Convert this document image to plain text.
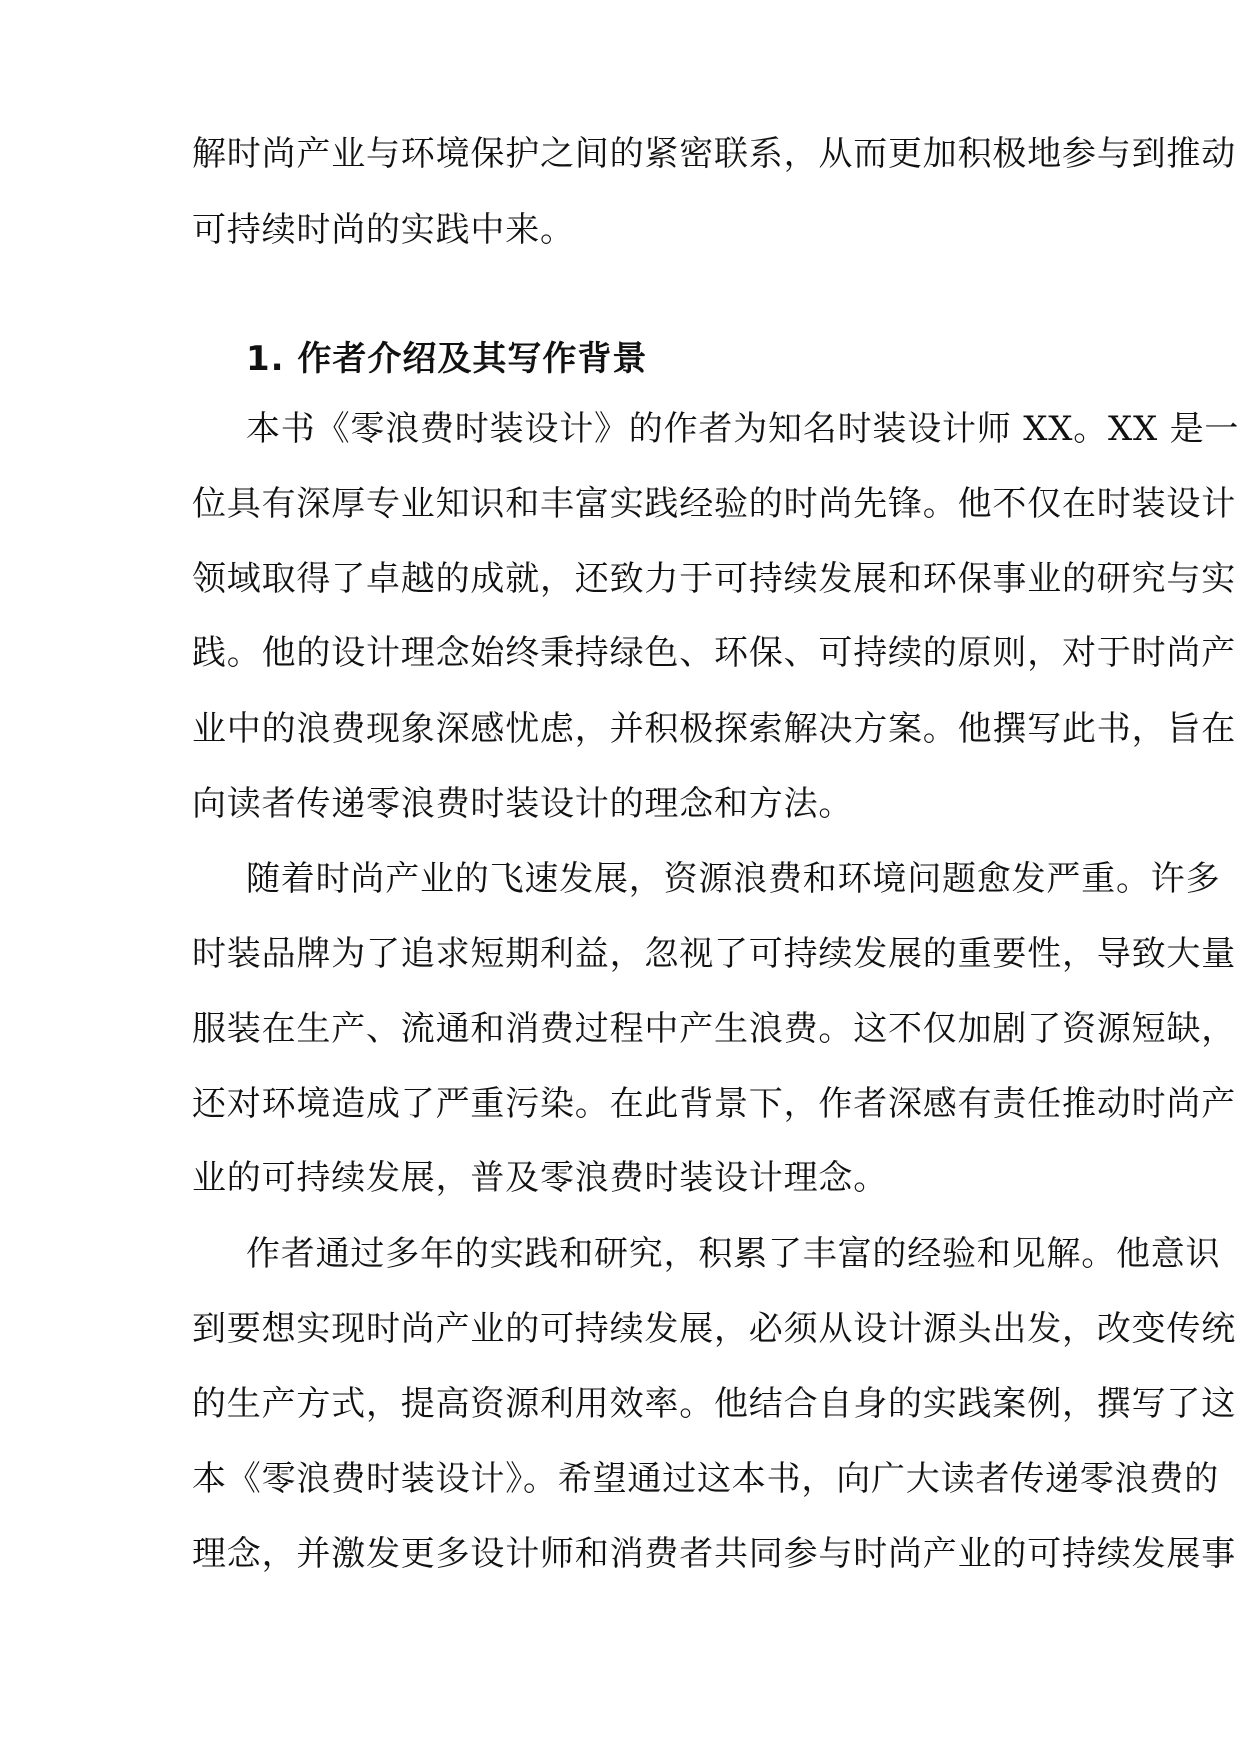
解时尚产业与环境保护之间的紧密联系，从而更加积极地参与到推动
可持续时尚的实践中来。
1. 作者介绍及其写作背景
本书《零浪费时装设计》的作者为知名时装设计师 XX。XX 是一
位具有深厚专业知识和丰富实践经验的时尚先锋。他不仅在时装设计
领域取得了卓越的成就，还致力于可持续发展和环保事业的研究与实
践。他的设计理念始终秉持绿色、环保、可持续的原则，对于时尚产
业中的浪费现象深感忧虑，并积极探索解决方案。他撰写此书，旨在
向读者传递零浪费时装设计的理念和方法。
随着时尚产业的飞速发展，资源浪费和环境问题愈发严重。许多
时装品牌为了追求短期利益，忽视了可持续发展的重要性，导致大量
服装在生产、流通和消费过程中产生浪费。这不仅加剧了资源短缺，
还对环境造成了严重污染。在此背景下，作者深感有责任推动时尚产
业的可持续发展，普及零浪费时装设计理念。
作者通过多年的实践和研究，积累了丰富的经验和见解。他意识
到要想实现时尚产业的可持续发展，必须从设计源头出发，改变传统
的生产方式，提高资源利用效率。他结合自身的实践案例，撰写了这
本《零浪费时装设计》。希望通过这本书，向广大读者传递零浪费的
理念，并激发更多设计师和消费者共同参与时尚产业的可持续发展事
